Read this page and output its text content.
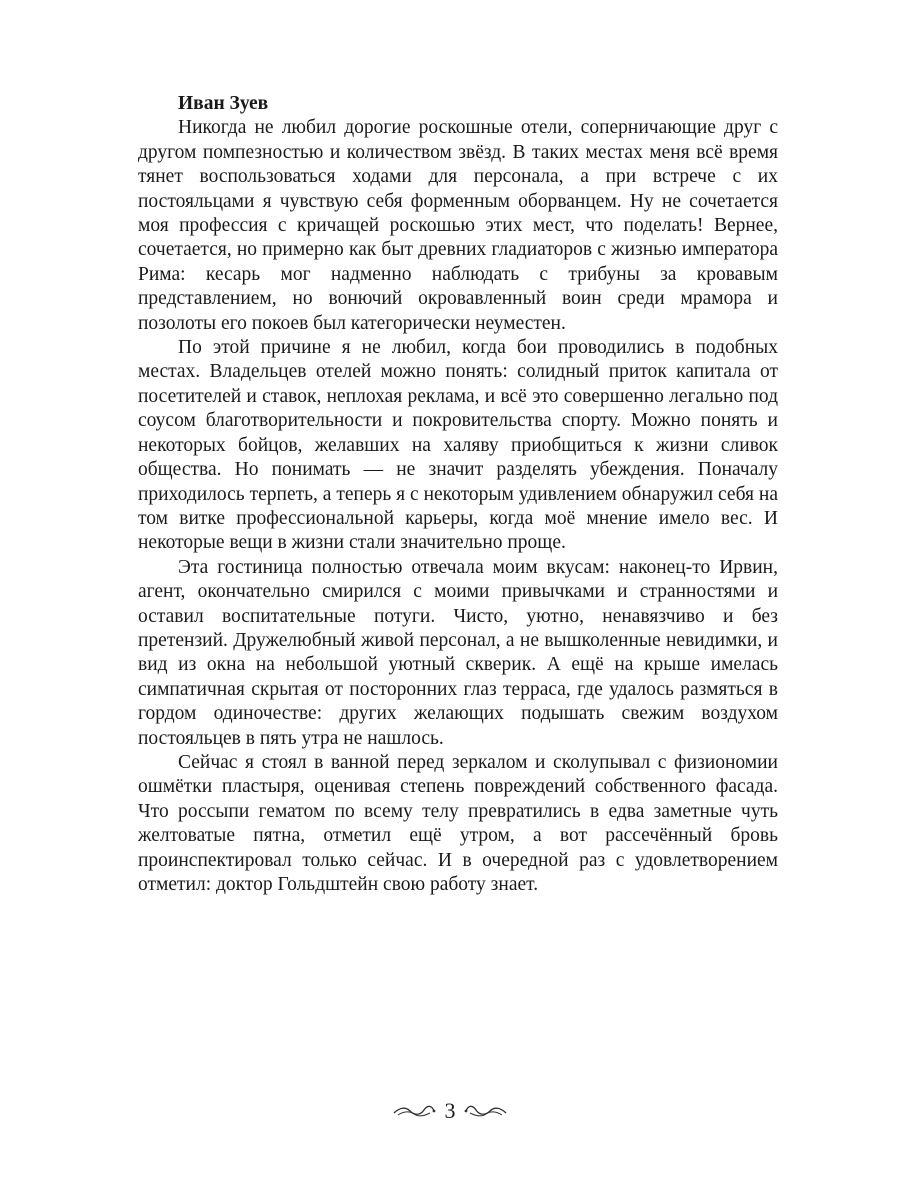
Иван Зуев

Никогда не любил дорогие роскошные отели, соперничающие друг с другом помпезностью и количеством звёзд. В таких местах меня всё время тянет воспользоваться ходами для персонала, а при встрече с их постояльцами я чувствую себя форменным оборванцем. Ну не сочетается моя профессия с кричащей роскошью этих мест, что поделать! Вернее, сочетается, но примерно как быт древних гладиаторов с жизнью императора Рима: кесарь мог надменно наблюдать с трибуны за кровавым представлением, но вонючий окровавленный воин среди мрамора и позолоты его покоев был категорически неуместен.

По этой причине я не любил, когда бои проводились в подобных местах. Владельцев отелей можно понять: солидный приток капитала от посетителей и ставок, неплохая реклама, и всё это совершенно легально под соусом благотворительности и покровительства спорту. Можно понять и некоторых бойцов, желавших на халяву приобщиться к жизни сливок общества. Но понимать — не значит разделять убеждения. Поначалу приходилось терпеть, а теперь я с некоторым удивлением обнаружил себя на том витке профессиональной карьеры, когда моё мнение имело вес. И некоторые вещи в жизни стали значительно проще.

Эта гостиница полностью отвечала моим вкусам: наконец-то Ирвин, агент, окончательно смирился с моими привычками и странностями и оставил воспитательные потуги. Чисто, уютно, ненавязчиво и без претензий. Дружелюбный живой персонал, а не вышколенные невидимки, и вид из окна на небольшой уютный скверик. А ещё на крыше имелась симпатичная скрытая от посторонних глаз терраса, где удалось размяться в гордом одиночестве: других желающих подышать свежим воздухом постояльцев в пять утра не нашлось.

Сейчас я стоял в ванной перед зеркалом и сколупывал с физиономии ошмётки пластыря, оценивая степень повреждений собственного фасада. Что россыпи гематом по всему телу превратились в едва заметные чуть желтоватые пятна, отметил ещё утром, а вот рассечённый бровь проинспектировал только сейчас. И в очередной раз с удовлетворением отметил: доктор Гольдштейн свою работу знает.

3
